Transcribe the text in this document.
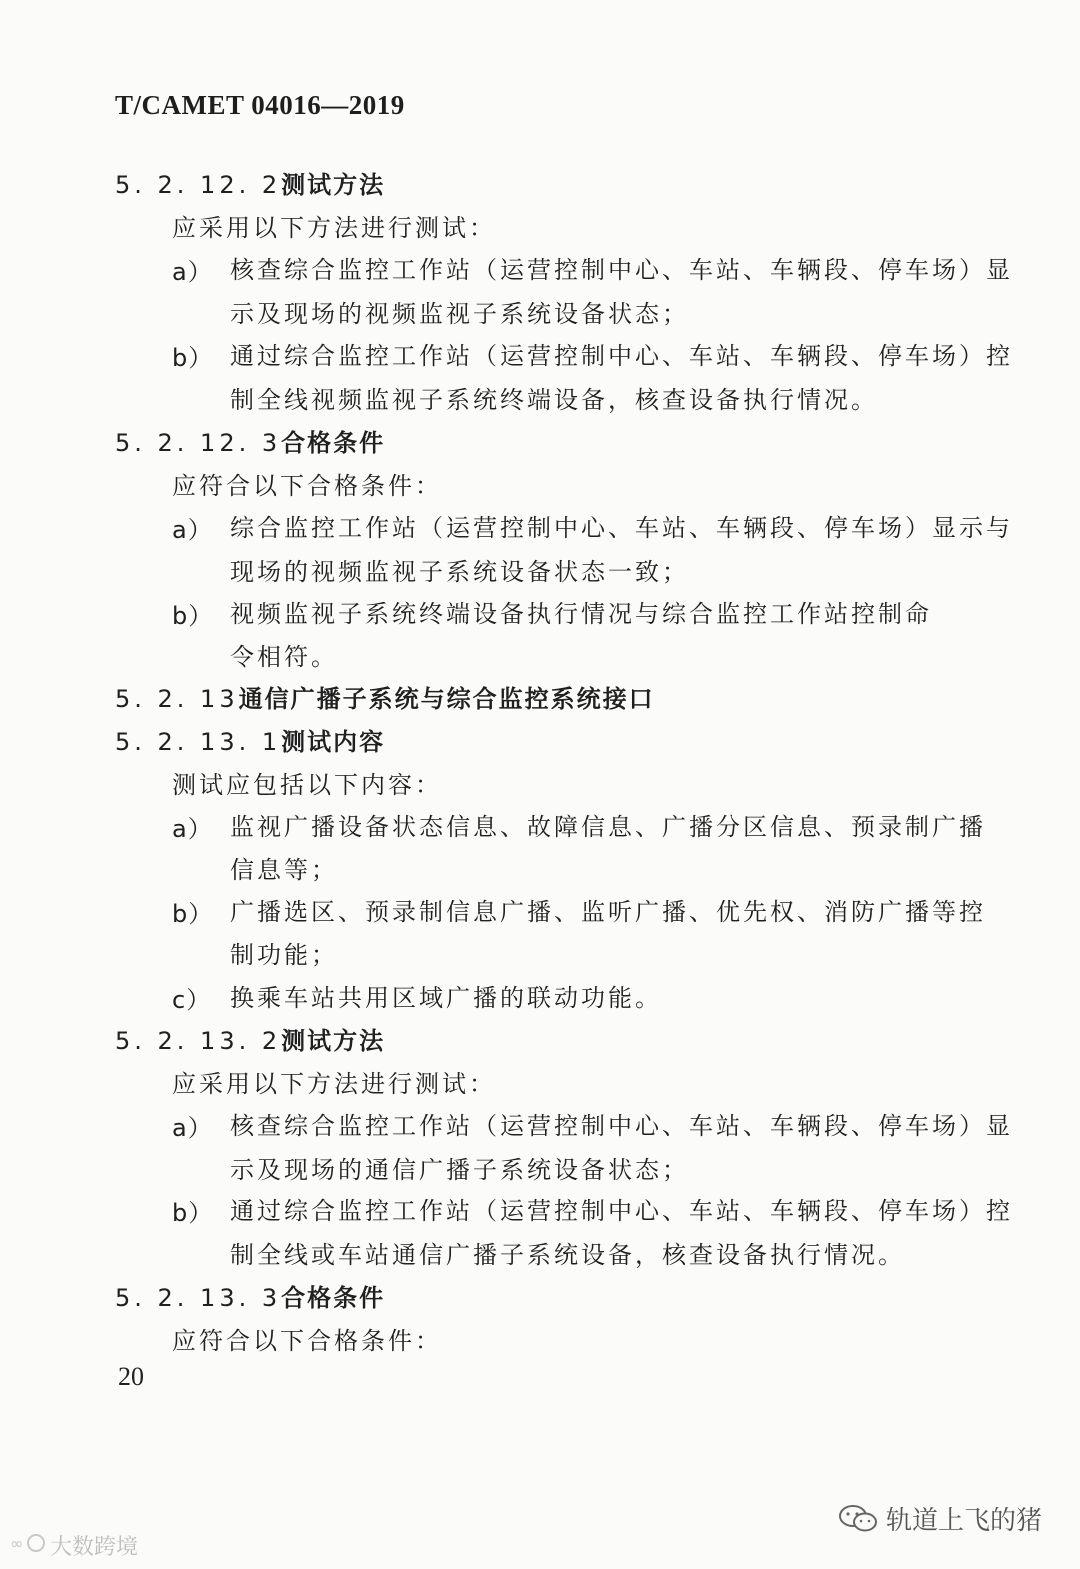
T/CAMET 04016—2019
5. 2. 12. 2测试方法
应采用以下方法进行测试：
a） 核查综合监控工作站（运营控制中心、车站、车辆段、停车场）显
示及现场的视频监视子系统设备状态；
b） 通过综合监控工作站（运营控制中心、车站、车辆段、停车场）控
制全线视频监视子系统终端设备，核查设备执行情况。
5. 2. 12. 3合格条件
应符合以下合格条件：
a） 综合监控工作站（运营控制中心、车站、车辆段、停车场）显示与
现场的视频监视子系统设备状态一致；
b） 视频监视子系统终端设备执行情况与综合监控工作站控制命
令相符。
5. 2. 13通信广播子系统与综合监控系统接口
5. 2. 13. 1测试内容
测试应包括以下内容：
a） 监视广播设备状态信息、故障信息、广播分区信息、预录制广播
信息等；
b） 广播选区、预录制信息广播、监听广播、优先权、消防广播等控
制功能；
c） 换乘车站共用区域广播的联动功能。
5. 2. 13. 2测试方法
应采用以下方法进行测试：
a） 核查综合监控工作站（运营控制中心、车站、车辆段、停车场）显
示及现场的通信广播子系统设备状态；
b） 通过综合监控工作站（运营控制中心、车站、车辆段、停车场）控
制全线或车站通信广播子系统设备，核查设备执行情况。
5. 2. 13. 3合格条件
应符合以下合格条件：
20
∞ 大数跨境
轨道上飞的猪
